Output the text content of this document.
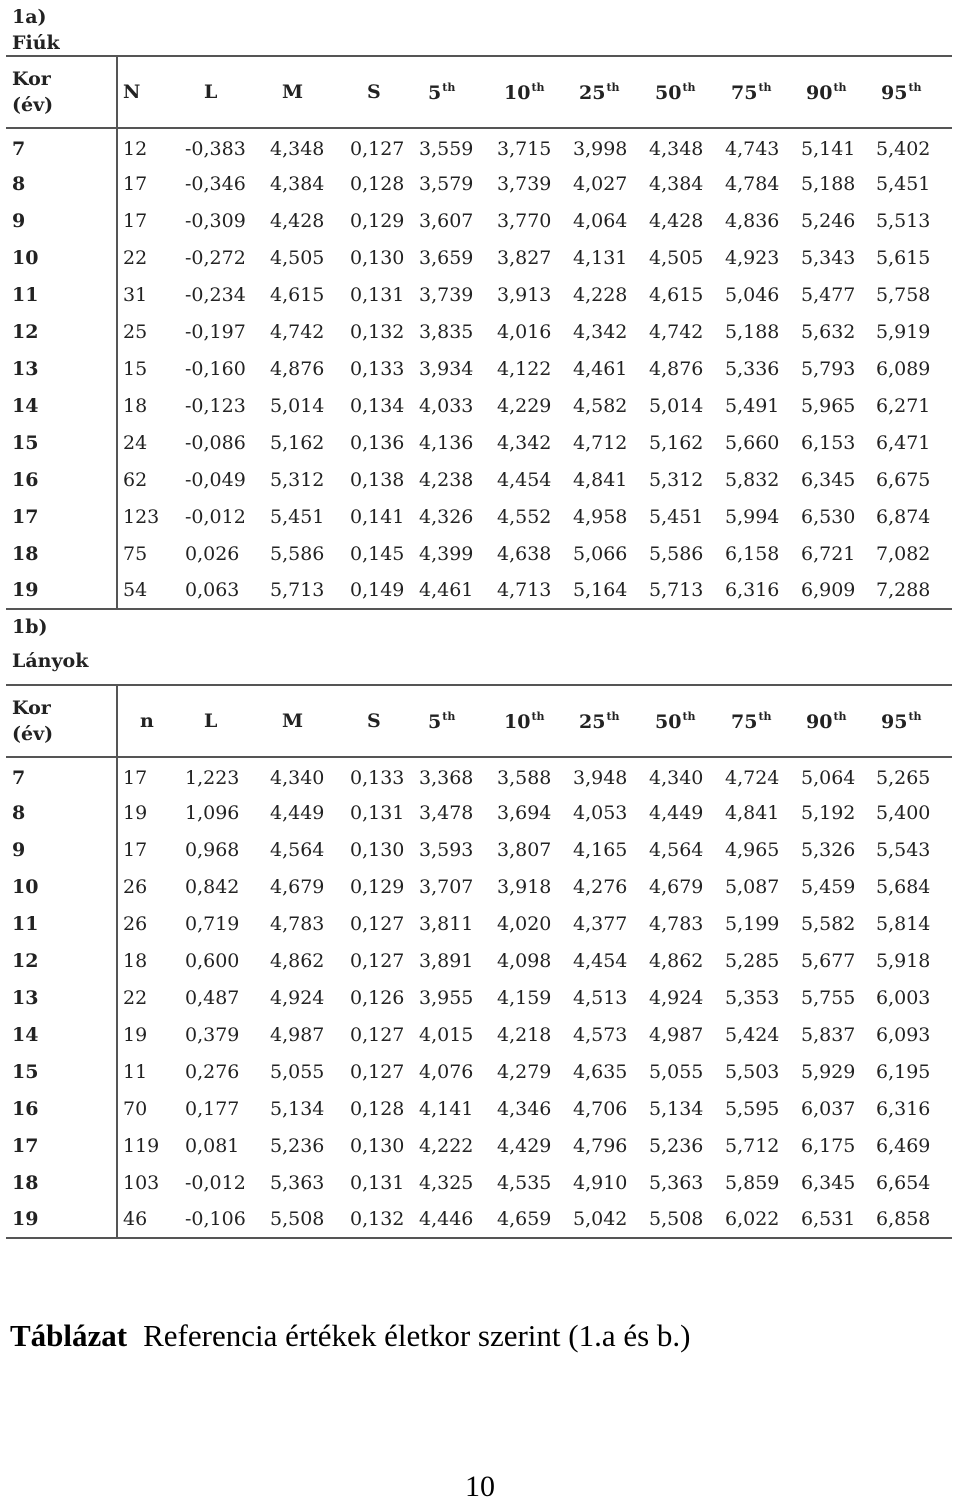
1a)
Fiúk
Kor
(év)	N	L	M	S	5th	10th	25th	50th	75th	90th	95th
7	12	-0,383	4,348	0,127	3,559	3,715	3,998	4,348	4,743	5,141	5,402
8	17	-0,346	4,384	0,128	3,579	3,739	4,027	4,384	4,784	5,188	5,451
9	17	-0,309	4,428	0,129	3,607	3,770	4,064	4,428	4,836	5,246	5,513
10	22	-0,272	4,505	0,130	3,659	3,827	4,131	4,505	4,923	5,343	5,615
11	31	-0,234	4,615	0,131	3,739	3,913	4,228	4,615	5,046	5,477	5,758
12	25	-0,197	4,742	0,132	3,835	4,016	4,342	4,742	5,188	5,632	5,919
13	15	-0,160	4,876	0,133	3,934	4,122	4,461	4,876	5,336	5,793	6,089
14	18	-0,123	5,014	0,134	4,033	4,229	4,582	5,014	5,491	5,965	6,271
15	24	-0,086	5,162	0,136	4,136	4,342	4,712	5,162	5,660	6,153	6,471
16	62	-0,049	5,312	0,138	4,238	4,454	4,841	5,312	5,832	6,345	6,675
17	123	-0,012	5,451	0,141	4,326	4,552	4,958	5,451	5,994	6,530	6,874
18	75	0,026	5,586	0,145	4,399	4,638	5,066	5,586	6,158	6,721	7,082
19	54	0,063	5,713	0,149	4,461	4,713	5,164	5,713	6,316	6,909	7,288
1b)
Lányok
Kor
(év)	n	L	M	S	5th	10th	25th	50th	75th	90th	95th
7	17	1,223	4,340	0,133	3,368	3,588	3,948	4,340	4,724	5,064	5,265
8	19	1,096	4,449	0,131	3,478	3,694	4,053	4,449	4,841	5,192	5,400
9	17	0,968	4,564	0,130	3,593	3,807	4,165	4,564	4,965	5,326	5,543
10	26	0,842	4,679	0,129	3,707	3,918	4,276	4,679	5,087	5,459	5,684
11	26	0,719	4,783	0,127	3,811	4,020	4,377	4,783	5,199	5,582	5,814
12	18	0,600	4,862	0,127	3,891	4,098	4,454	4,862	5,285	5,677	5,918
13	22	0,487	4,924	0,126	3,955	4,159	4,513	4,924	5,353	5,755	6,003
14	19	0,379	4,987	0,127	4,015	4,218	4,573	4,987	5,424	5,837	6,093
15	11	0,276	5,055	0,127	4,076	4,279	4,635	5,055	5,503	5,929	6,195
16	70	0,177	5,134	0,128	4,141	4,346	4,706	5,134	5,595	6,037	6,316
17	119	0,081	5,236	0,130	4,222	4,429	4,796	5,236	5,712	6,175	6,469
18	103	-0,012	5,363	0,131	4,325	4,535	4,910	5,363	5,859	6,345	6,654
19	46	-0,106	5,508	0,132	4,446	4,659	5,042	5,508	6,022	6,531	6,858
Táblázat Referencia értékek életkor szerint (1.a és b.)
10
